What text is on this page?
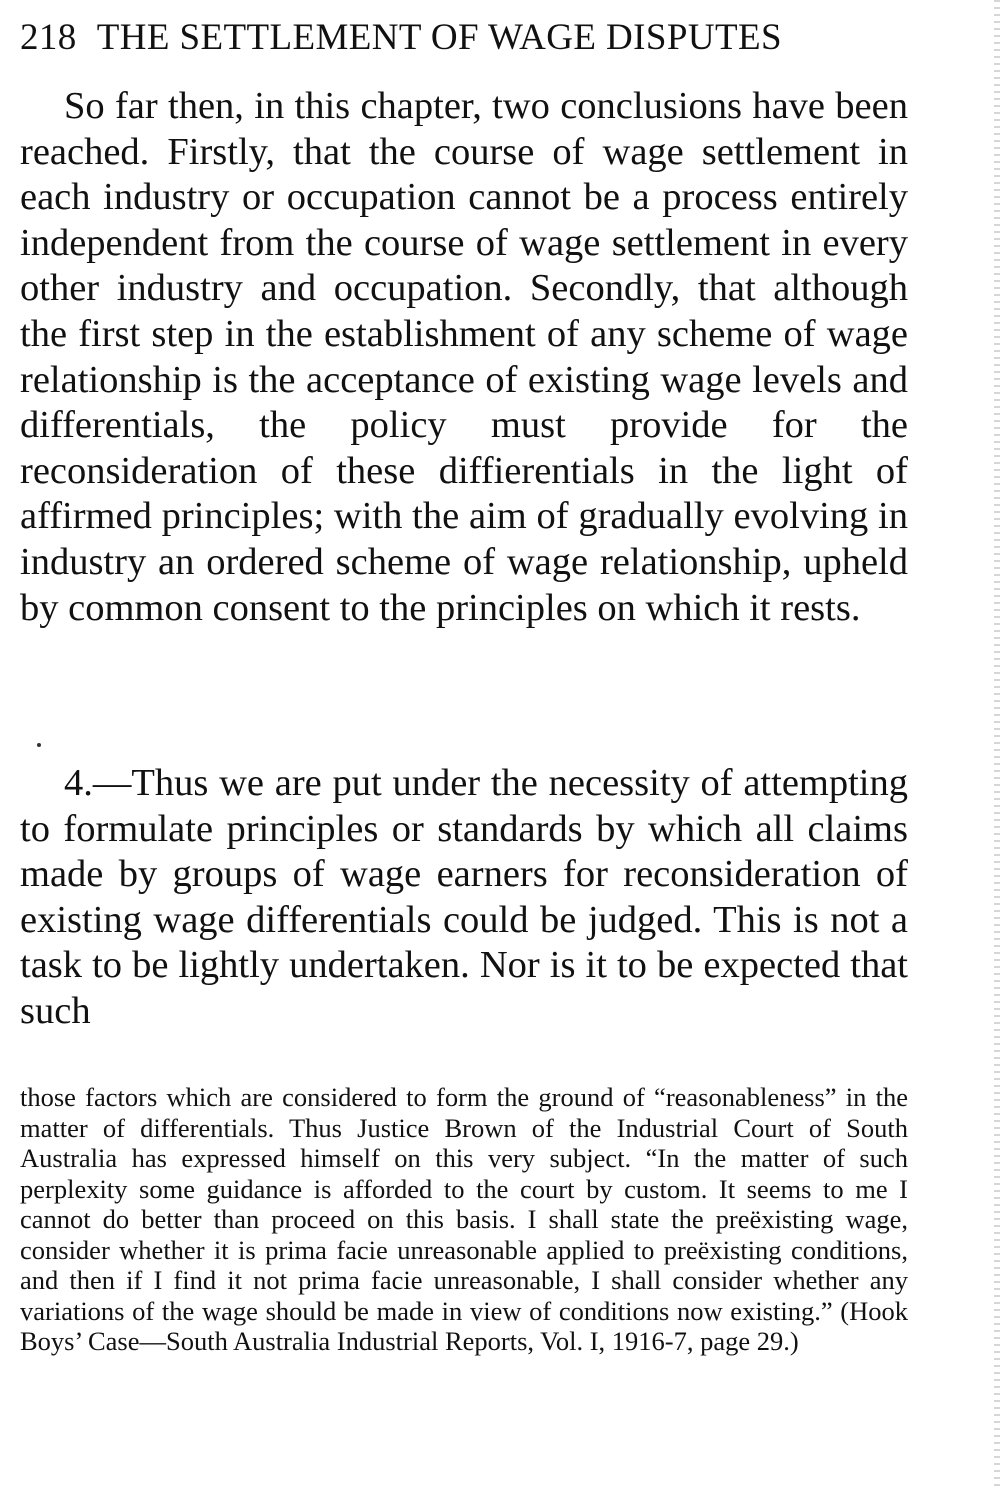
218 THE SETTLEMENT OF WAGE DISPUTES

So far then, in this chapter, two conclusions have been reached. Firstly, that the course of wage settlement in each industry or occupation cannot be a process entirely independent from the course of wage settlement in every other industry and occupation. Secondly, that although the first step in the establishment of any scheme of wage relationship is the acceptance of existing wage levels and differentials, the policy must provide for the reconsideration of these diffierentials in the light of affirmed principles; with the aim of gradually evolving in industry an ordered scheme of wage relationship, upheld by common consent to the principles on which it rests.

4.—Thus we are put under the necessity of attempting to formulate principles or standards by which all claims made by groups of wage earners for reconsideration of existing wage differentials could be judged. This is not a task to be lightly undertaken. Nor is it to be expected that such

those factors which are considered to form the ground of “reasonableness” in the matter of differentials. Thus Justice Brown of the Industrial Court of South Australia has expressed himself on this very subject. “In the matter of such perplexity some guidance is afforded to the court by custom. It seems to me I cannot do better than proceed on this basis. I shall state the preëxisting wage, consider whether it is prima facie unreasonable applied to preëxisting conditions, and then if I find it not prima facie unreasonable, I shall consider whether any variations of the wage should be made in view of conditions now existing.” (Hook Boys’ Case—South Australia Industrial Reports, Vol. I, 1916-7, page 29.)
